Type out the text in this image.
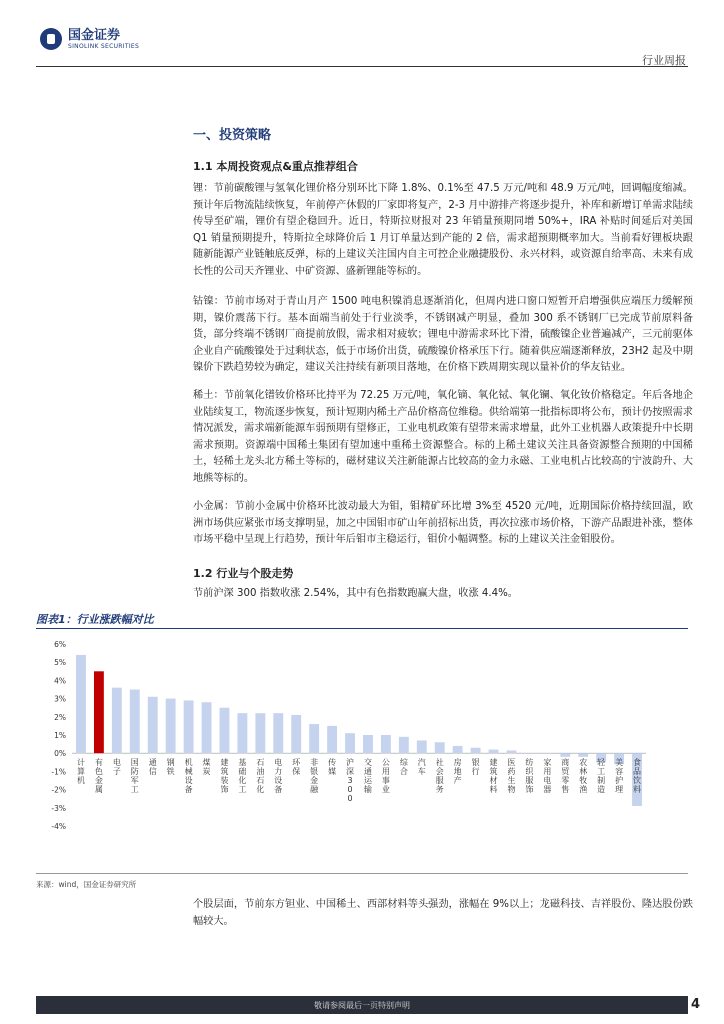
国金证券
SINOLINK SECURITIES
行业周报
一、投资策略
1.1 本周投资观点&重点推荐组合
锂：节前碳酸锂与氢氧化锂价格分别环比下降 1.8%、0.1%至 47.5 万元/吨和 48.9 万元/吨，回调幅度缩减。预计年后物流陆续恢复，年前停产休假的厂家即将复产，2-3 月中游排产将逐步提升，补库和新增订单需求陆续传导至矿端，锂价有望企稳回升。近日，特斯拉财报对 23 年销量预期同增 50%+，IRA 补贴时间延后对美国 Q1 销量预期提升，特斯拉全球降价后 1 月订单量达到产能的 2 倍，需求超预期概率加大。当前看好锂板块跟随新能源产业链触底反弹，标的上建议关注国内自主可控企业融捷股份、永兴材料，或资源自给率高、未来有成长性的公司天齐锂业、中矿资源、盛新锂能等标的。
钴镍：节前市场对于青山月产 1500 吨电积镍消息逐渐消化，但周内进口窗口短暂开启增强供应端压力缓解预期，镍价震荡下行。基本面端当前处于行业淡季，不锈钢减产明显，叠加 300 系不锈钢厂已完成节前原料备货，部分终端不锈钢厂商提前放假，需求相对疲软；锂电中游需求环比下滑，硫酸镍企业普遍减产，三元前驱体企业自产硫酸镍处于过剩状态，低于市场价出货，硫酸镍价格承压下行。随着供应端逐渐释放，23H2 起及中期镍价下跌趋势较为确定，建议关注持续有新项目落地，在价格下跌周期实现以量补价的华友钴业。
稀土：节前氧化镨钕价格环比持平为 72.25 万元/吨，氧化镝、氧化铽、氧化镧、氧化钕价格稳定。年后各地企业陆续复工，物流逐步恢复，预计短期内稀土产品价格高位维稳。供给端第一批指标即将公布，预计仍按照需求情况派发，需求端新能源车弱预期有望修正，工业电机政策有望带来需求增量，此外工业机器人政策提升中长期需求预期。资源端中国稀土集团有望加速中重稀土资源整合。标的上稀土建议关注具备资源整合预期的中国稀土，轻稀土龙头北方稀土等标的，磁材建议关注新能源占比较高的金力永磁、工业电机占比较高的宁波韵升、大地熊等标的。
小金属：节前小金属中价格环比波动最大为钼，钼精矿环比增 3%至 4520 元/吨，近期国际价格持续回温，欧洲市场供应紧张市场支撑明显，加之中国钼市矿山年前招标出货，再次拉涨市场价格，下游产品跟进补涨，整体市场平稳中呈现上行趋势，预计年后钼市主稳运行，钼价小幅调整。标的上建议关注金钼股份。
1.2 行业与个股走势
节前沪深 300 指数收涨 2.54%，其中有色指数跑赢大盘，收涨 4.4%。
图表1：行业涨跌幅对比
6%
5%
4%
3%
2%
1%
0%
-1%
-2%
-3%
-4%
计算机
有色金属
电子
国防军工
通信
钢铁
机械设备
煤炭
建筑装饰
基础化工
石油石化
电力设备
环保
非银金融
传媒
沪深 3 0 0
交通运输
公用事业
综合
汽车
社会服务
房地产
银行
建筑材料
医药生物
纺织服饰
家用电器
商贸零售
农林牧渔
轻工制造
美容护理
食品饮料
来源：wind，国金证券研究所
个股层面，节前东方钽业、中国稀土、西部材料等头强劲，涨幅在 9%以上；龙磁科技、吉祥股份、隆达股份跌幅较大。
敬请参阅最后一页特别声明	4
